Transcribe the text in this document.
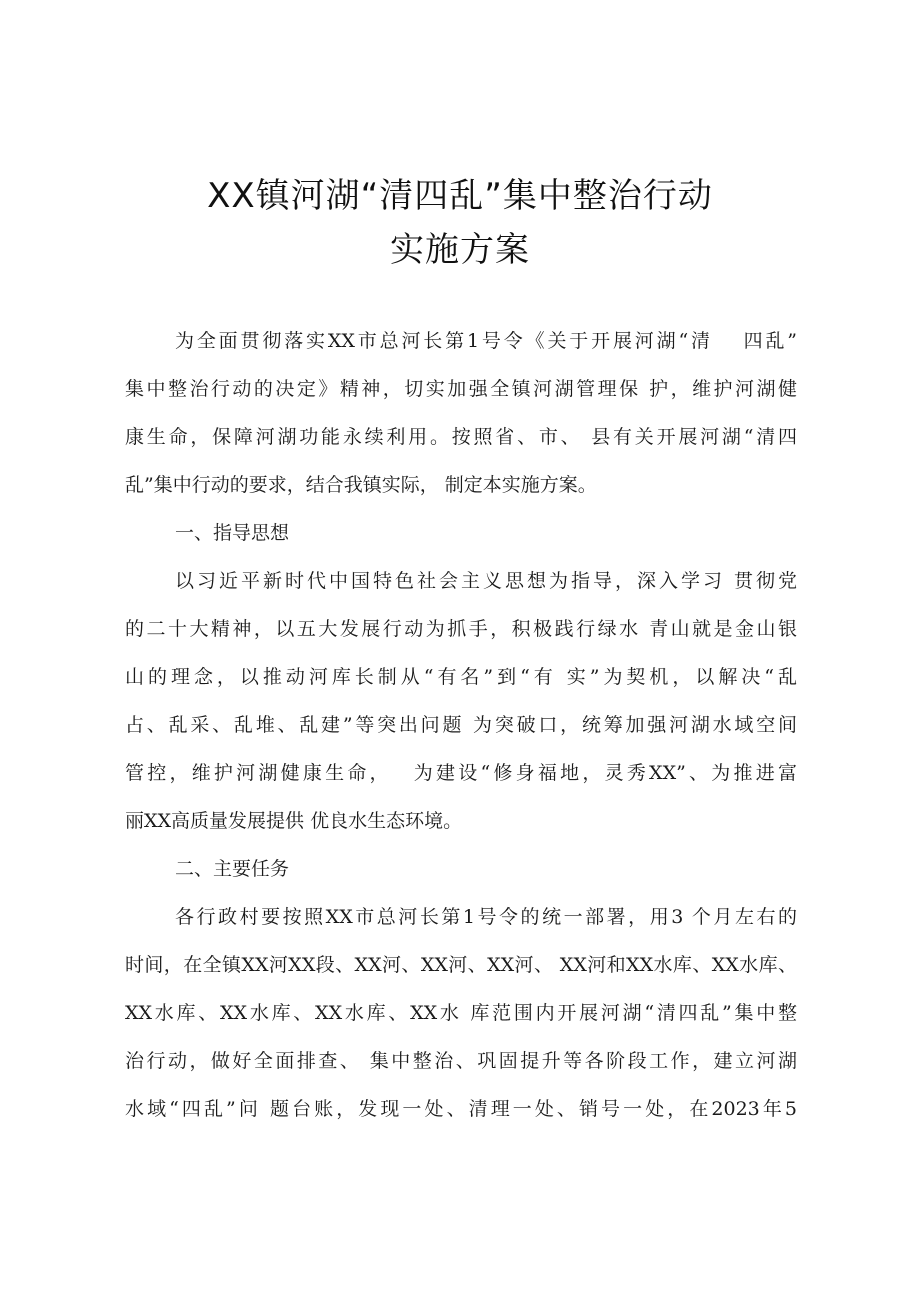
XX镇河湖“清四乱”集中整治行动
实施方案

为全面贯彻落实XX市总河长第1号令《关于开展河湖“清　 四乱”

集中整治行动的决定》精神，切实加强全镇河湖管理保 护，维护河湖健

康生命，保障河湖功能永续利用。按照省、市、 县有关开展河湖“清四

乱”集中行动的要求，结合我镇实际， 制定本实施方案。

一、指导思想

以习近平新时代中国特色社会主义思想为指导，深入学习 贯彻党

的二十大精神，以五大发展行动为抓手，积极践行绿水 青山就是金山银

山的理念，以推动河库长制从“有名”到“有 实”为契机，以解决“乱

占、乱采、乱堆、乱建”等突出问题 为突破口，统筹加强河湖水域空间

管控，维护河湖健康生命，　 为建设“修身福地，灵秀XX”、为推进富

丽XX高质量发展提供 优良水生态环境。

二、主要任务

各行政村要按照XX市总河长第1号令的统一部署，用3 个月左右的

时间，在全镇XX河XX段、XX河、XX河、XX河、 XX河和XX水库、XX水库、

XX水库、XX水库、XX水库、XX水 库范围内开展河湖“清四乱”集中整

治行动，做好全面排查、 集中整治、巩固提升等各阶段工作，建立河湖

水域“四乱”问 题台账，发现一处、清理一处、销号一处，在2023年5
